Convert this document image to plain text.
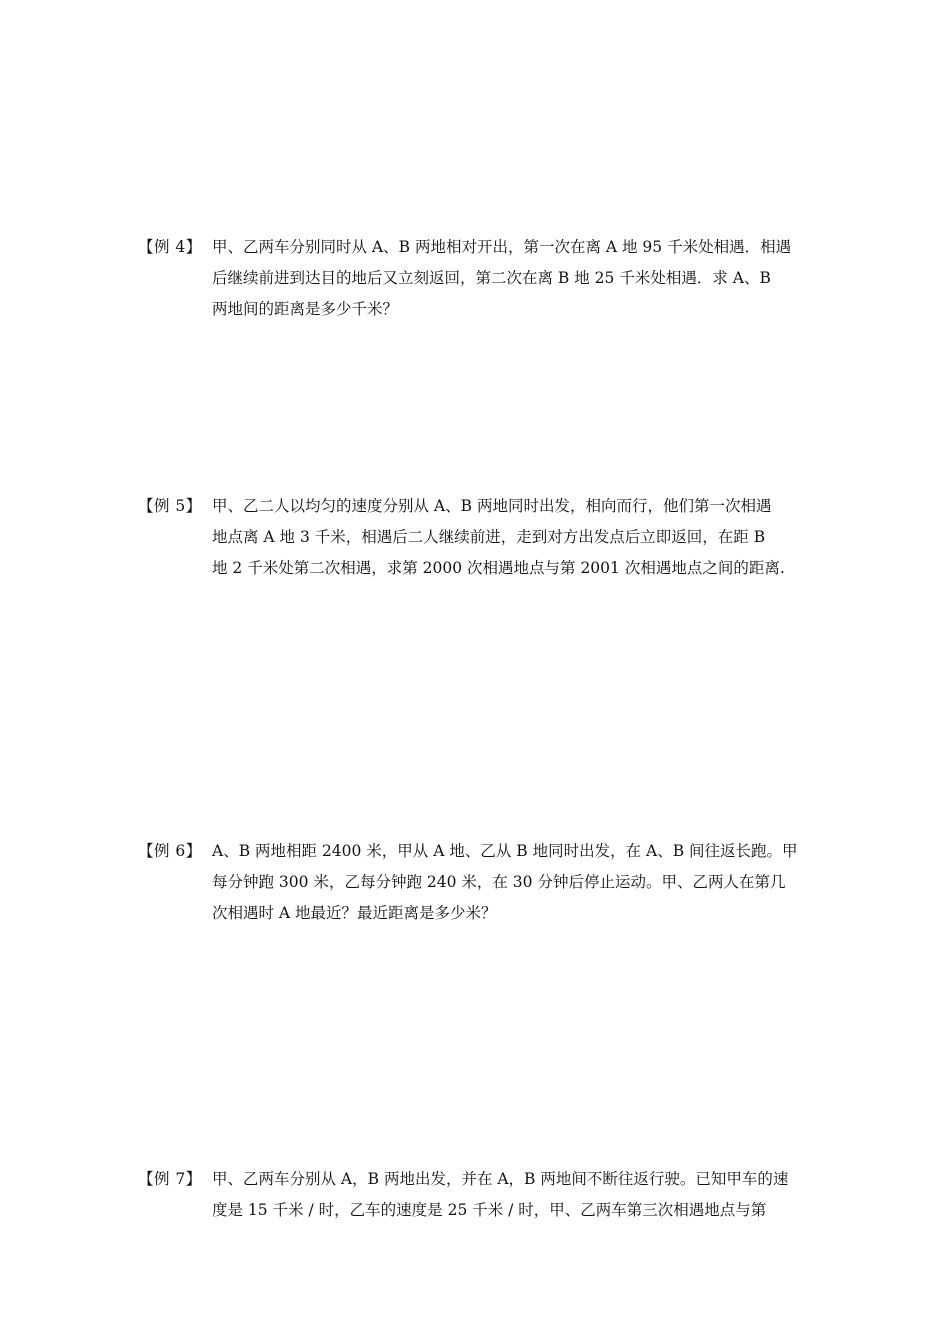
【例 4】 甲、乙两车分别同时从 A、B 两地相对开出，第一次在离 A 地 95 千米处相遇．相遇
后继续前进到达目的地后又立刻返回，第二次在离 B 地 25 千米处相遇．求 A、B
两地间的距离是多少千米？
【例 5】 甲、乙二人以均匀的速度分别从 A、B 两地同时出发，相向而行，他们第一次相遇
地点离 A 地 3 千米，相遇后二人继续前进，走到对方出发点后立即返回，在距 B
地 2 千米处第二次相遇，求第 2000 次相遇地点与第 2001 次相遇地点之间的距离.
【例 6】 A、B 两地相距 2400 米，甲从 A 地、乙从 B 地同时出发，在 A、B 间往返长跑。甲
每分钟跑 300 米，乙每分钟跑 240 米，在 30 分钟后停止运动。甲、乙两人在第几
次相遇时 A 地最近？最近距离是多少米？
【例 7】 甲、乙两车分别从 A，B 两地出发，并在 A，B 两地间不断往返行驶。已知甲车的速
度是 15 千米 / 时，乙车的速度是 25 千米 / 时，甲、乙两车第三次相遇地点与第
